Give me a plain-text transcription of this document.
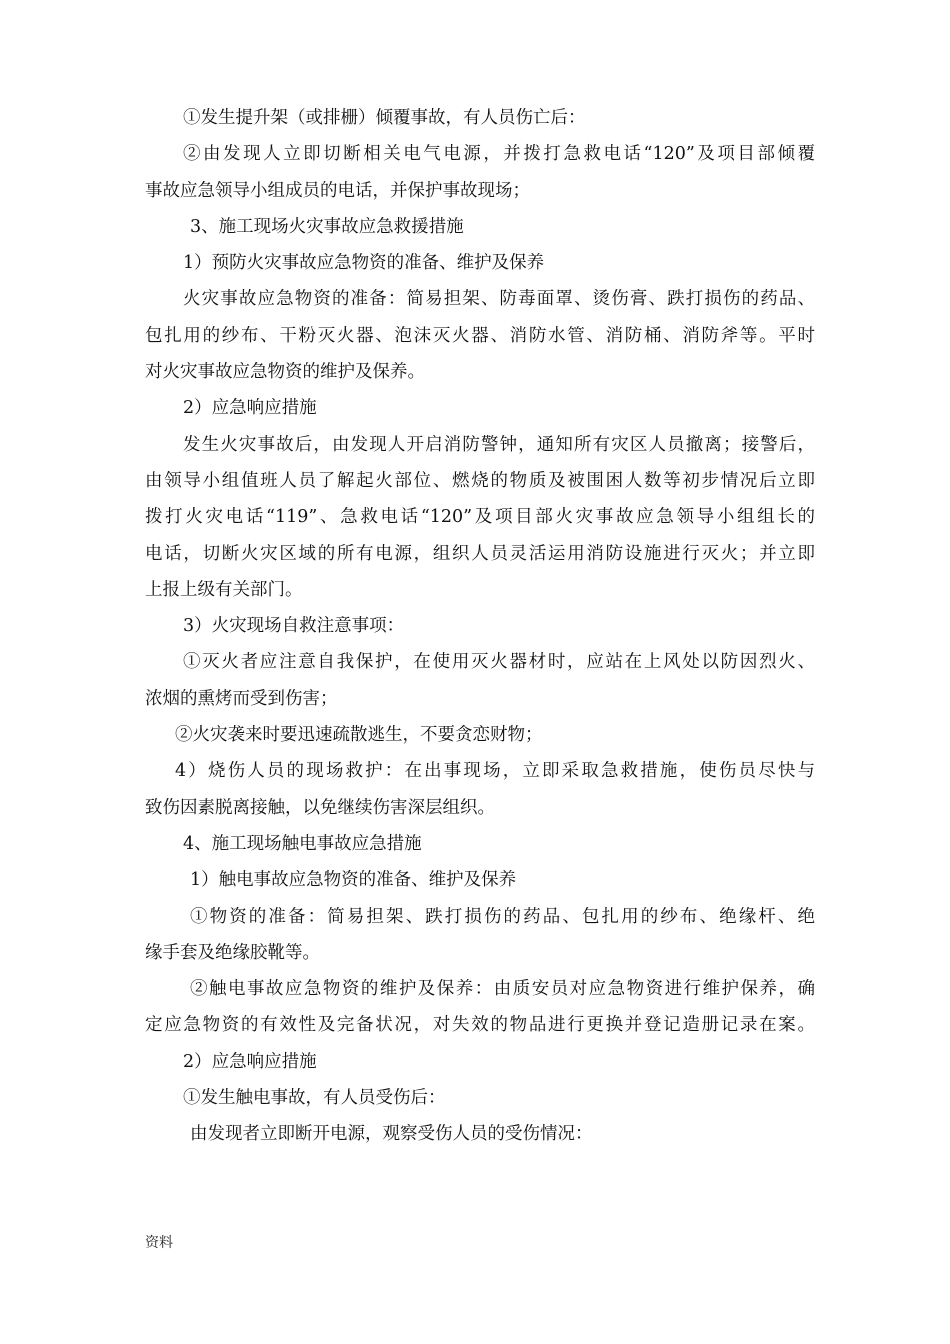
①发生提升架（或排栅）倾覆事故，有人员伤亡后：
②由发现人立即切断相关电气电源，并拨打急救电话“120”及项目部倾覆
事故应急领导小组成员的电话，并保护事故现场；
3、施工现场火灾事故应急救援措施
1）预防火灾事故应急物资的准备、维护及保养
火灾事故应急物资的准备：简易担架、防毒面罩、烫伤膏、跌打损伤的药品、
包扎用的纱布、干粉灭火器、泡沫灭火器、消防水管、消防桶、消防斧等。平时
对火灾事故应急物资的维护及保养。
2）应急响应措施
发生火灾事故后，由发现人开启消防警钟，通知所有灾区人员撤离；接警后，
由领导小组值班人员了解起火部位、燃烧的物质及被围困人数等初步情况后立即
拨打火灾电话“119”、急救电话“120”及项目部火灾事故应急领导小组组长的
电话，切断火灾区域的所有电源，组织人员灵活运用消防设施进行灭火；并立即
上报上级有关部门。
3）火灾现场自救注意事项：
①灭火者应注意自我保护，在使用灭火器材时，应站在上风处以防因烈火、
浓烟的熏烤而受到伤害；
②火灾袭来时要迅速疏散逃生，不要贪恋财物；
4）烧伤人员的现场救护：在出事现场，立即采取急救措施，使伤员尽快与
致伤因素脱离接触，以免继续伤害深层组织。
4、施工现场触电事故应急措施
1）触电事故应急物资的准备、维护及保养
①物资的准备：简易担架、跌打损伤的药品、包扎用的纱布、绝缘杆、绝
缘手套及绝缘胶靴等。
②触电事故应急物资的维护及保养：由质安员对应急物资进行维护保养，确
定应急物资的有效性及完备状况，对失效的物品进行更换并登记造册记录在案。
2）应急响应措施
①发生触电事故，有人员受伤后：
由发现者立即断开电源，观察受伤人员的受伤情况：
资料
